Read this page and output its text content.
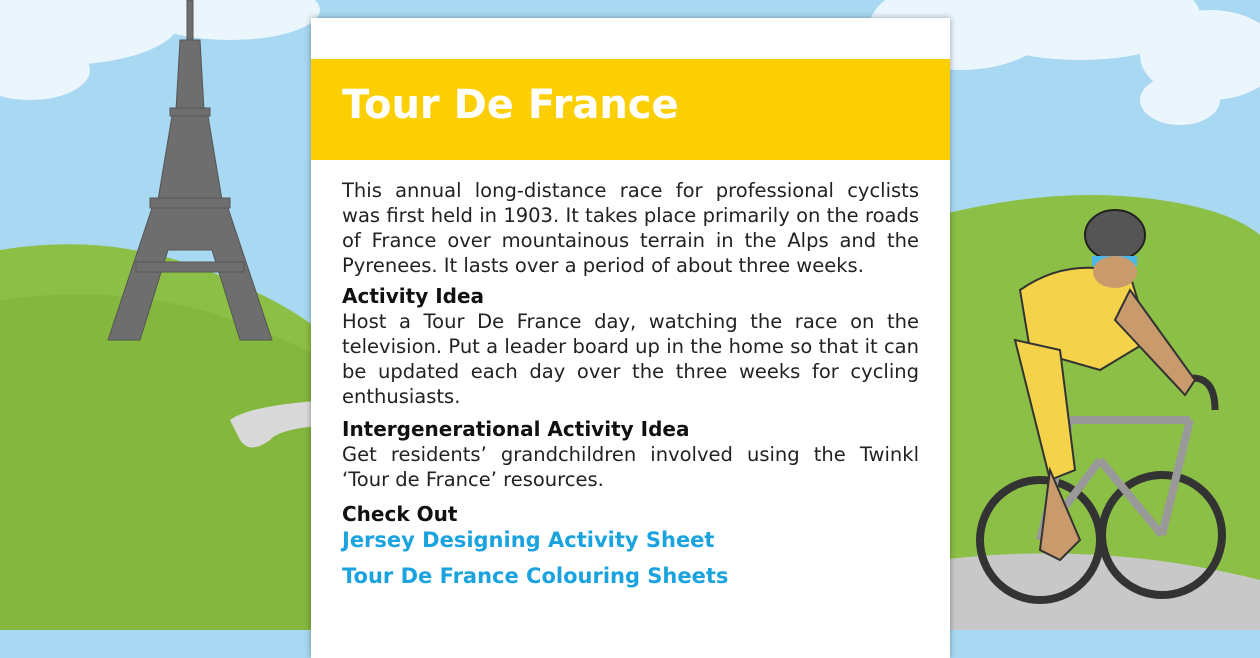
Tour De France

This annual long-distance race for professional cyclists was first held in 1903. It takes place primarily on the roads of France over mountainous terrain in the Alps and the Pyrenees. It lasts over a period of about three weeks.

Activity Idea

Host a Tour De France day, watching the race on the television. Put a leader board up in the home so that it can be updated each day over the three weeks for cycling enthusiasts.

Intergenerational Activity Idea

Get residents’ grandchildren involved using the Twinkl ‘Tour de France’ resources.

Check Out
Jersey Designing Activity Sheet
Tour De France Colouring Sheets
